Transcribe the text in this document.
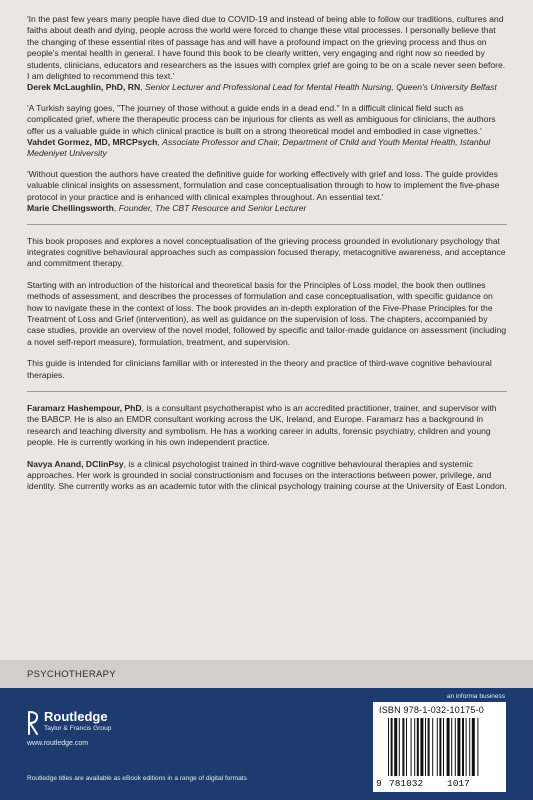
'In the past few years many people have died due to COVID-19 and instead of being able to follow our traditions, cultures and faiths about death and dying, people across the world were forced to change these vital processes. I personally believe that the changing of these essential rites of passage has and will have a profound impact on the grieving process and thus on people's mental health in general. I have found this book to be clearly written, very engaging and right now so needed by students, clinicians, educators and researchers as the issues with complex grief are going to be on a scale never seen before. I am delighted to recommend this text.'

Derek McLaughlin, PhD, RN, Senior Lecturer and Professional Lead for Mental Health Nursing, Queen's University Belfast

'A Turkish saying goes, "The journey of those without a guide ends in a dead end." In a difficult clinical field such as complicated grief, where the therapeutic process can be injurious for clients as well as ambiguous for clinicians, the authors offer us a valuable guide in which clinical practice is built on a strong theoretical model and embodied in case vignettes.'

Vahdet Gormez, MD, MRCPsych, Associate Professor and Chair, Department of Child and Youth Mental Health, Istanbul Medeniyet University

'Without question the authors have created the definitive guide for working effectively with grief and loss. The guide provides valuable clinical insights on assessment, formulation and case conceptualisation through to how to implement the five-phase protocol in your practice and is enhanced with clinical examples throughout. An essential text.'

Marie Chellingsworth, Founder, The CBT Resource and Senior Lecturer

This book proposes and explores a novel conceptualisation of the grieving process grounded in evolutionary psychology that integrates cognitive behavioural approaches such as compassion focused therapy, metacognitive awareness, and acceptance and commitment therapy.

Starting with an introduction of the historical and theoretical basis for the Principles of Loss model, the book then outlines methods of assessment, and describes the processes of formulation and case conceptualisation, with specific guidance on how to navigate these in the context of loss. The book provides an in-depth exploration of the Five-Phase Principles for the Treatment of Loss and Grief (intervention), as well as guidance on the supervision of loss. The chapters, accompanied by case studies, provide an overview of the novel model, followed by specific and tailor-made guidance on assessment (including a novel self-report measure), formulation, treatment, and supervision.

This guide is intended for clinicians familiar with or interested in the theory and practice of third-wave cognitive behavioural therapies.

Faramarz Hashempour, PhD, is a consultant psychotherapist who is an accredited practitioner, trainer, and supervisor with the BABCP. He is also an EMDR consultant working across the UK, Ireland, and Europe. Faramarz has a background in research and teaching diversity and symbolism. He has a working career in adults, forensic psychiatry, children and young people. He is currently working in his own independent practice.

Navya Anand, DClinPsy, is a clinical psychologist trained in third-wave cognitive behavioural therapies and systemic approaches. Her work is grounded in social constructionism and focuses on the interactions between power, privilege, and identity. She currently works as an academic tutor with the clinical psychology training course at the University of East London.

PSYCHOTHERAPY
an informa business
Routledge
Taylor & Francis Group
www.routledge.com
Routledge titles are available as eBook editions in a range of digital formats
ISBN 978-1-032-10175-0
9 781032	1017
